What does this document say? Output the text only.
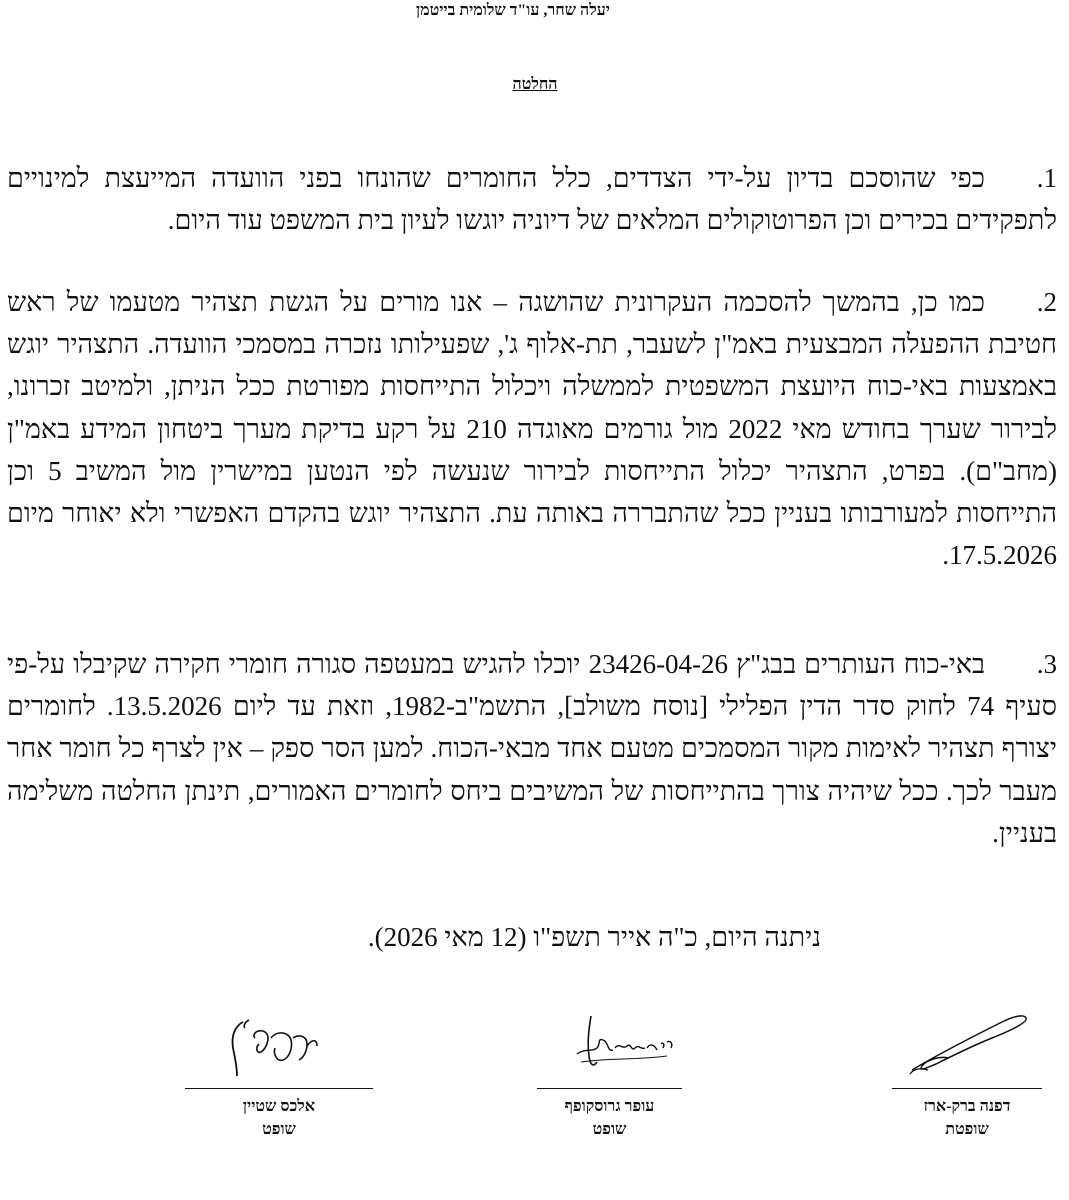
יעלה שחר, עו"ד שלומית בייטמן
החלטה
1.כפי שהוסכם בדיון על-ידי הצדדים, כלל החומרים שהונחו בפני הוועדה המייעצת למינויים לתפקידים בכירים וכן הפרוטוקולים המלאים של דיוניה יוגשו לעיון בית המשפט עוד היום.
2.כמו כן, בהמשך להסכמה העקרונית שהושגה – אנו מורים על הגשת תצהיר מטעמו של ראש חטיבת ההפעלה המבצעית באמ"ן לשעבר, תת-אלוף ג', שפעילותו נזכרה במסמכי הוועדה. התצהיר יוגש באמצעות באי-כוח היועצת המשפטית לממשלה ויכלול התייחסות מפורטת ככל הניתן, ולמיטב זכרונו, לבירור שערך בחודש מאי 2022 מול גורמים מאוגדה 210 על רקע בדיקת מערך ביטחון המידע באמ"ן (מחב"ם). בפרט, התצהיר יכלול התייחסות לבירור שנעשה לפי הנטען במישרין מול המשיב 5 וכן התייחסות למעורבותו בעניין ככל שהתבררה באותה עת. התצהיר יוגש בהקדם האפשרי ולא יאוחר מיום 17.5.2026.
3.באי-כוח העותרים בבג"ץ 23426-04-26 יוכלו להגיש במעטפה סגורה חומרי חקירה שקיבלו על-פי סעיף 74 לחוק סדר הדין הפלילי [נוסח משולב], התשמ"ב-1982, וזאת עד ליום 13.5.2026. לחומרים יצורף תצהיר לאימות מקור המסמכים מטעם אחד מבאי-הכוח. למען הסר ספק – אין לצרף כל חומר אחר מעבר לכך. ככל שיהיה צורך בהתייחסות של המשיבים ביחס לחומרים האמורים, תינתן החלטה משלימה בעניין.
ניתנה היום, כ"ה אייר תשפ"ו (12 מאי 2026).
אלכס שטיין
שופט
עופר גרוסקופף
שופט
דפנה ברק-ארז
שופטת
